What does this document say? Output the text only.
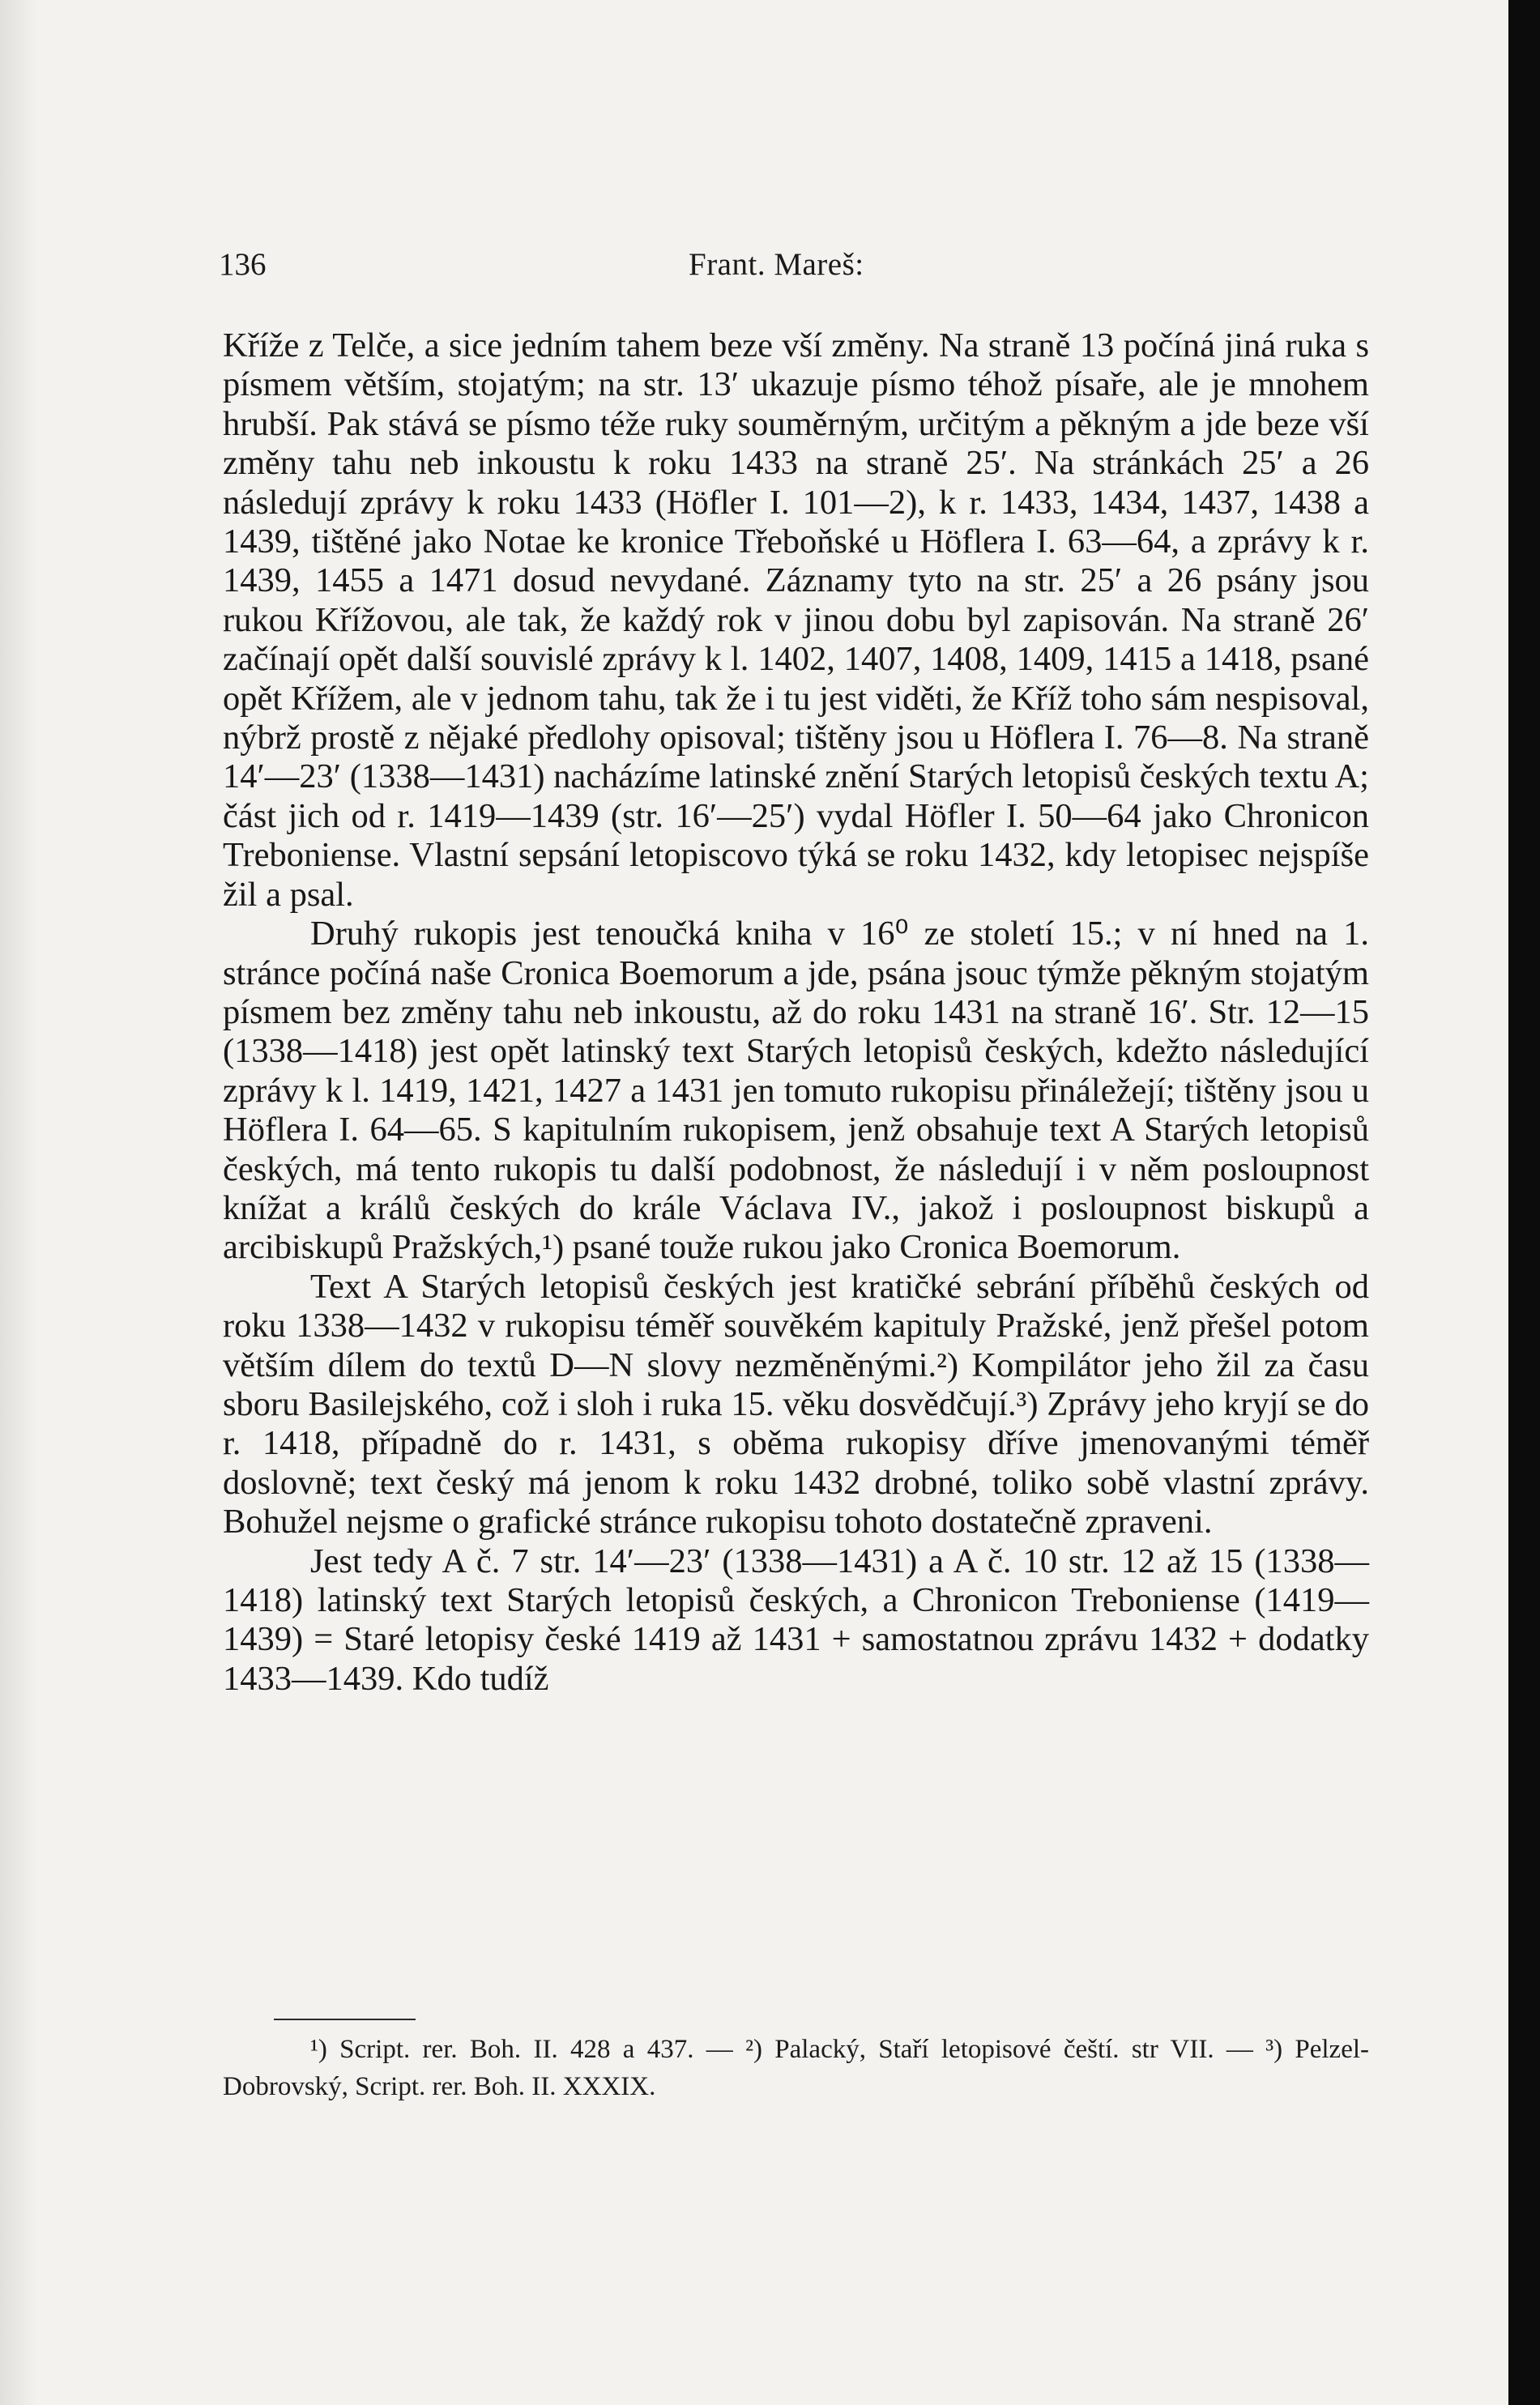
136	Frant. Mareš:

Kříže z Telče, a sice jedním tahem beze vší změny. Na straně 13 počíná jiná ruka s písmem větším, stojatým; na str. 13′ ukazuje písmo téhož písaře, ale je mnohem hrubší. Pak stává se písmo téže ruky souměrným, určitým a pěkným a jde beze vší změny tahu neb inkoustu k roku 1433 na straně 25′. Na stránkách 25′ a 26 následují zprávy k roku 1433 (Höfler I. 101—2), k r. 1433, 1434, 1437, 1438 a 1439, tištěné jako Notae ke kronice Třeboňské u Höflera I. 63—64, a zprávy k r. 1439, 1455 a 1471 dosud nevydané. Záznamy tyto na str. 25′ a 26 psány jsou rukou Křížovou, ale tak, že každý rok v jinou dobu byl zapisován. Na straně 26′ začínají opět další souvislé zprávy k l. 1402, 1407, 1408, 1409, 1415 a 1418, psané opět Křížem, ale v jednom tahu, tak že i tu jest viděti, že Kříž toho sám nespisoval, nýbrž prostě z nějaké předlohy opisoval; tištěny jsou u Höflera I. 76—8. Na straně 14′—23′ (1338—1431) nacházíme latinské znění Starých letopisů českých textu A; část jich od r. 1419—1439 (str. 16′—25′) vydal Höfler I. 50—64 jako Chronicon Treboniense. Vlastní sepsání letopiscovo týká se roku 1432, kdy letopisec nejspíše žil a psal.

Druhý rukopis jest tenoučká kniha v 16⁰ ze století 15.; v ní hned na 1. stránce počíná naše Cronica Boemorum a jde, psána jsouc týmže pěkným stojatým písmem bez změny tahu neb inkoustu, až do roku 1431 na straně 16′. Str. 12—15 (1338—1418) jest opět latinský text Starých letopisů českých, kdežto následující zprávy k l. 1419, 1421, 1427 a 1431 jen tomuto rukopisu přináležejí; tištěny jsou u Höflera I. 64—65. S kapitulním rukopisem, jenž obsahuje text A Starých letopisů českých, má tento rukopis tu další podobnost, že následují i v něm posloupnost knížat a králů českých do krále Václava IV., jakož i posloupnost biskupů a arcibiskupů Pražských,¹) psané touže rukou jako Cronica Boemorum.

Text A Starých letopisů českých jest kratičké sebrání příběhů českých od roku 1338—1432 v rukopisu téměř souvěkém kapituly Pražské, jenž přešel potom větším dílem do textů D—N slovy nezměněnými.²) Kompilátor jeho žil za času sboru Basilejského, což i sloh i ruka 15. věku dosvědčují.³) Zprávy jeho kryjí se do r. 1418, případně do r. 1431, s oběma rukopisy dříve jmenovanými téměř doslovně; text český má jenom k roku 1432 drobné, toliko sobě vlastní zprávy. Bohužel nejsme o grafické stránce rukopisu tohoto dostatečně zpraveni.

Jest tedy A č. 7 str. 14′—23′ (1338—1431) a A č. 10 str. 12 až 15 (1338—1418) latinský text Starých letopisů českých, a Chronicon Treboniense (1419—1439) = Staré letopisy české 1419 až 1431 + samostatnou zprávu 1432 + dodatky 1433—1439. Kdo tudíž

¹) Script. rer. Boh. II. 428 a 437. — ²) Palacký, Staří letopisové čeští. str VII. — ³) Pelzel-Dobrovský, Script. rer. Boh. II. XXXIX.
